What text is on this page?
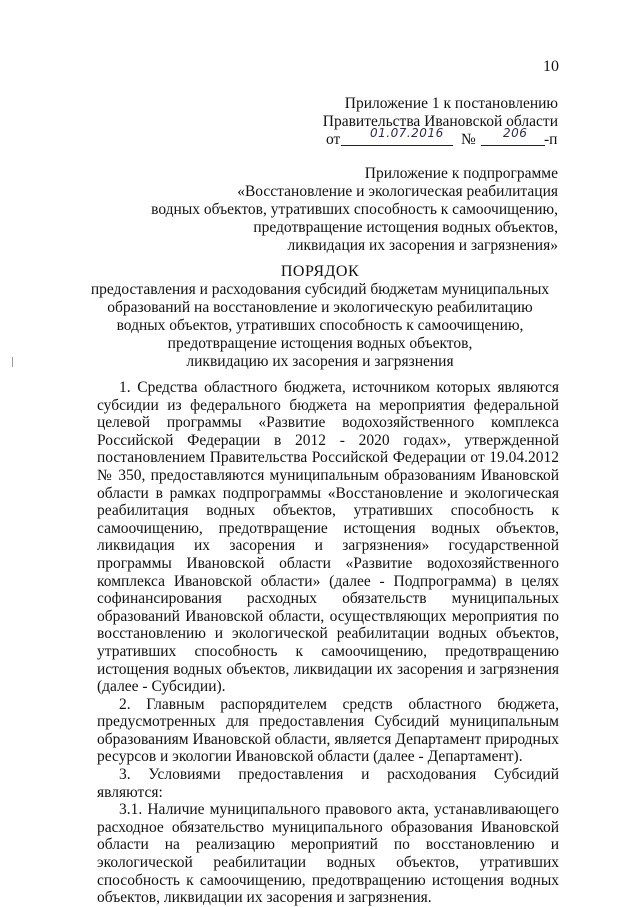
10
Приложение 1 к постановлению
Правительства Ивановской области
от 01.07.2016 № 206 -п
Приложение к подпрограмме
«Восстановление и экологическая реабилитация
водных объектов, утративших способность к самоочищению,
предотвращение истощения водных объектов,
ликвидация их засорения и загрязнения»
ПОРЯДОК
предоставления и расходования субсидий бюджетам муниципальных
образований на восстановление и экологическую реабилитацию
водных объектов, утративших способность к самоочищению,
предотвращение истощения водных объектов,
ликвидацию их засорения и загрязнения

1. Средства областного бюджета, источником которых являются субсидии из федерального бюджета на мероприятия федеральной целевой программы «Развитие водохозяйственного комплекса Российской Федерации в 2012 - 2020 годах», утвержденной постановлением Правительства Российской Федерации от 19.04.2012 № 350, предоставляются муниципальным образованиям Ивановской области в рамках подпрограммы «Восстановление и экологическая реабилитация водных объектов, утративших способность к самоочищению, предотвращение истощения водных объектов, ликвидация их засорения и загрязнения» государственной программы Ивановской области «Развитие водохозяйственного комплекса Ивановской области» (далее - Подпрограмма) в целях софинансирования расходных обязательств муниципальных образований Ивановской области, осуществляющих мероприятия по восстановлению и экологической реабилитации водных объектов, утративших способность к самоочищению, предотвращению истощения водных объектов, ликвидации их засорения и загрязнения (далее - Субсидии).

2. Главным распорядителем средств областного бюджета, предусмотренных для предоставления Субсидий муниципальным образованиям Ивановской области, является Департамент природных ресурсов и экологии Ивановской области (далее - Департамент).

3. Условиями предоставления и расходования Субсидий являются:

3.1. Наличие муниципального правового акта, устанавливающего расходное обязательство муниципального образования Ивановской области на реализацию мероприятий по восстановлению и экологической реабилитации водных объектов, утративших способность к самоочищению, предотвращению истощения водных объектов, ликвидации их засорения и загрязнения.
